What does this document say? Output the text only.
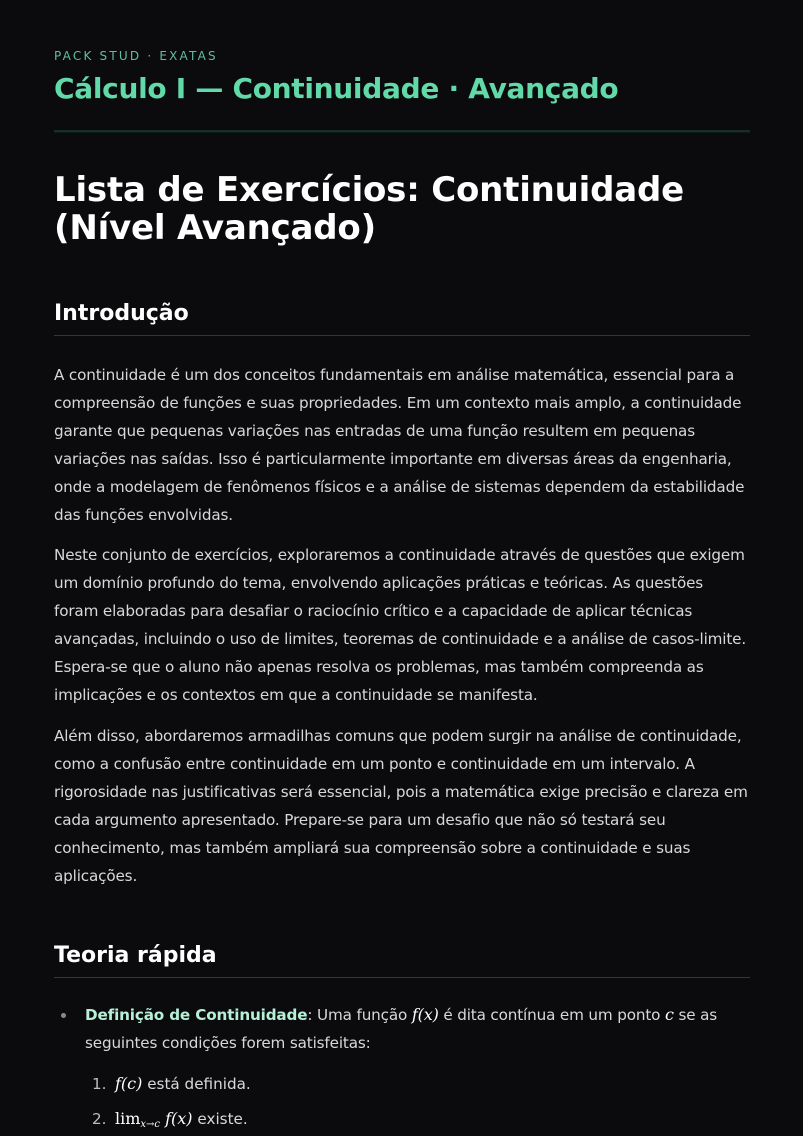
PACK STUD · EXATAS
Cálculo I — Continuidade · Avançado
Lista de Exercícios: Continuidade (Nível Avançado)
Introdução

A continuidade é um dos conceitos fundamentais em análise matemática, essencial para a compreensão de funções e suas propriedades. Em um contexto mais amplo, a continuidade garante que pequenas variações nas entradas de uma função resultem em pequenas variações nas saídas. Isso é particularmente importante em diversas áreas da engenharia, onde a modelagem de fenômenos físicos e a análise de sistemas dependem da estabilidade das funções envolvidas.

Neste conjunto de exercícios, exploraremos a continuidade através de questões que exigem um domínio profundo do tema, envolvendo aplicações práticas e teóricas. As questões foram elaboradas para desafiar o raciocínio crítico e a capacidade de aplicar técnicas avançadas, incluindo o uso de limites, teoremas de continuidade e a análise de casos-limite. Espera-se que o aluno não apenas resolva os problemas, mas também compreenda as implicações e os contextos em que a continuidade se manifesta.

Além disso, abordaremos armadilhas comuns que podem surgir na análise de continuidade, como a confusão entre continuidade em um ponto e continuidade em um intervalo. A rigorosidade nas justificativas será essencial, pois a matemática exige precisão e clareza em cada argumento apresentado. Prepare-se para um desafio que não só testará seu conhecimento, mas também ampliará sua compreensão sobre a continuidade e suas aplicações.

Teoria rápida
Definição de Continuidade: Uma função f(x) é dita contínua em um ponto c se as seguintes condições forem satisfeitas:
1. f(c) está definida.
2. $\lim_{x\to c} f(x)$ existe.
